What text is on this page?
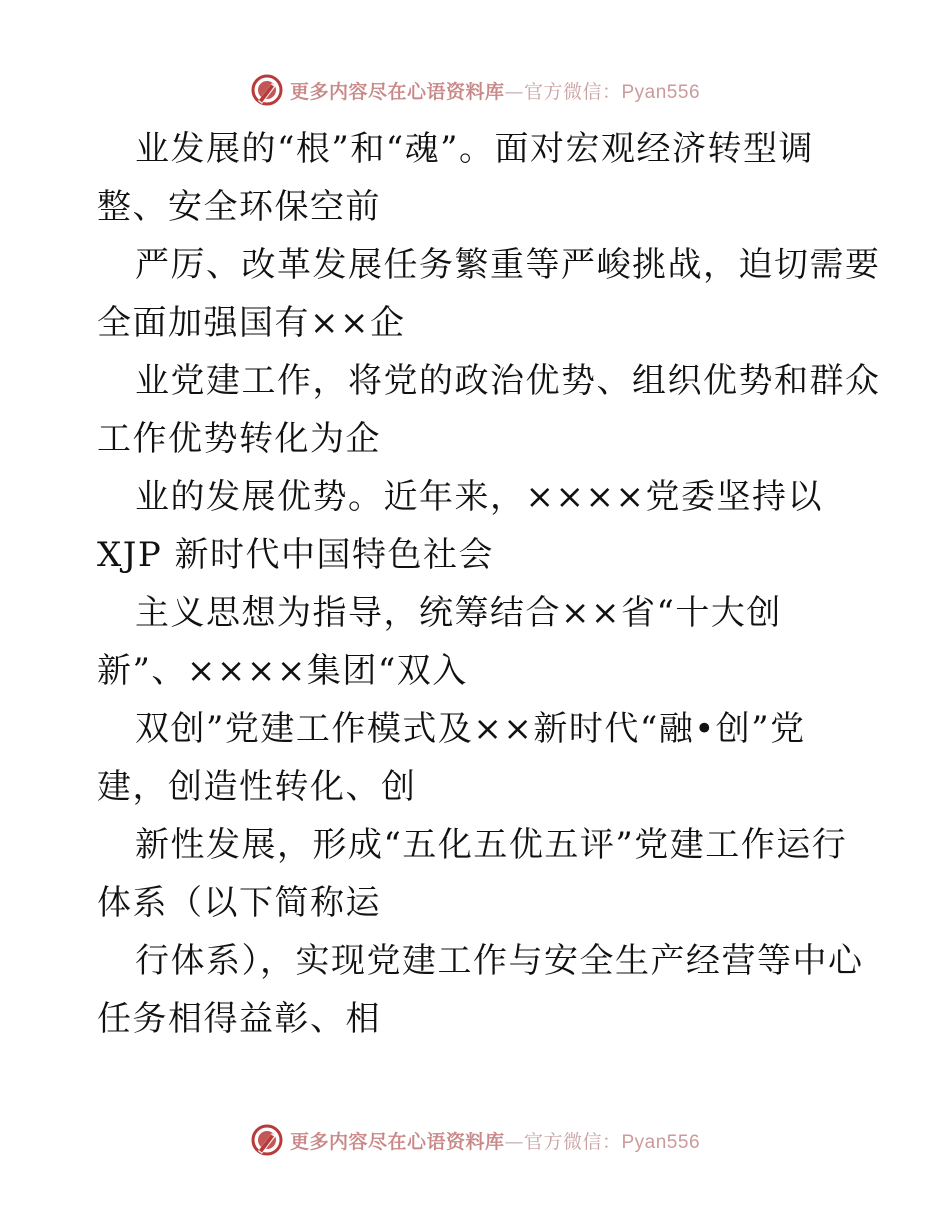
更多内容尽在心语资料库—官方微信：Pyan556
业发展的“根”和“魂”。面对宏观经济转型调
整、安全环保空前
严厉、改革发展任务繁重等严峻挑战，迫切需要
全面加强国有××企
业党建工作，将党的政治优势、组织优势和群众
工作优势转化为企
业的发展优势。近年来，××××党委坚持以
XJP 新时代中国特色社会
主义思想为指导，统筹结合××省“十大创
新”、××××集团“双入
双创”党建工作模式及××新时代“融•创”党
建，创造性转化、创
新性发展，形成“五化五优五评”党建工作运行
体系（以下简称运
行体系），实现党建工作与安全生产经营等中心
任务相得益彰、相
更多内容尽在心语资料库—官方微信：Pyan556
